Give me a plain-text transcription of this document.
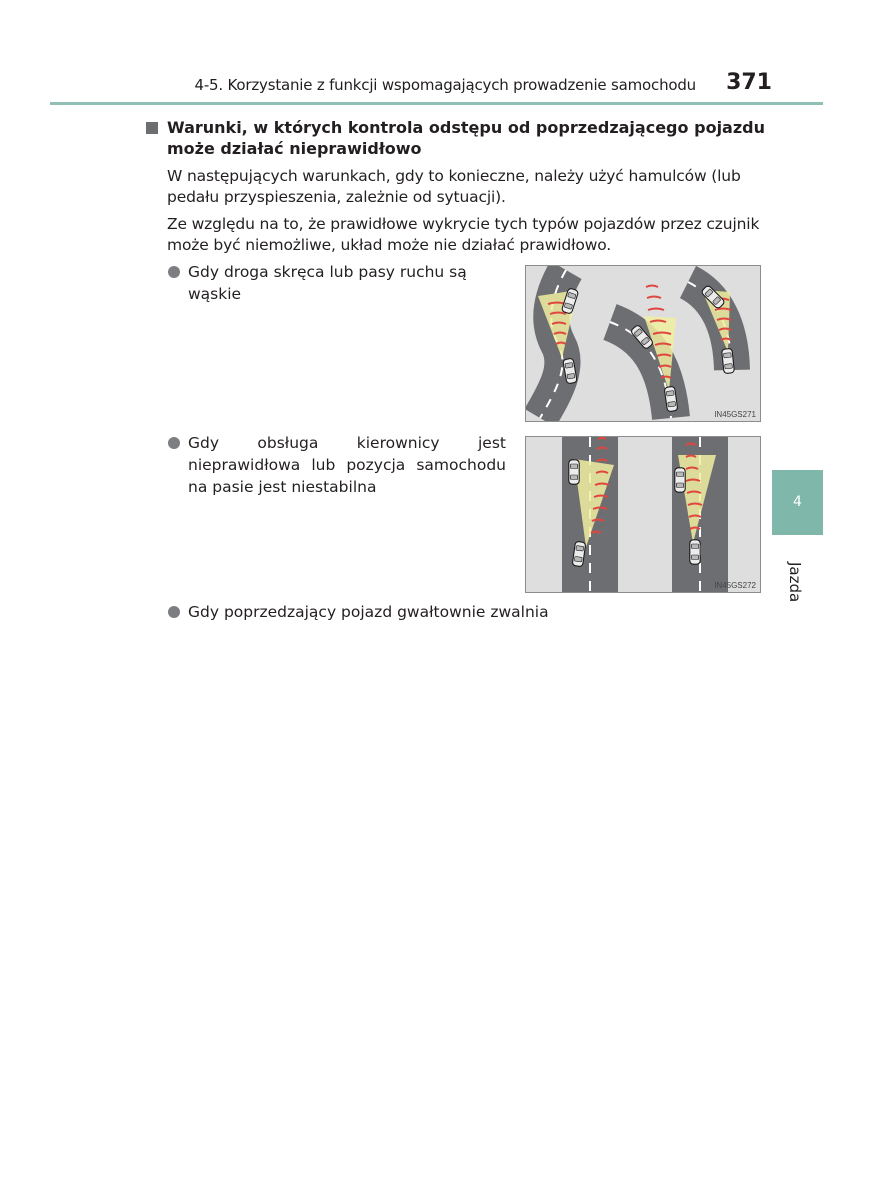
4-5. Korzystanie z funkcji wspomagających prowadzenie samochodu	371
Warunki, w których kontrola odstępu od poprzedzającego pojazdu może działać nieprawidłowo
W następujących warunkach, gdy to konieczne, należy użyć hamulców (lub pedału przyspieszenia, zależnie od sytuacji).
Ze względu na to, że prawidłowe wykrycie tych typów pojazdów przez czujnik może być niemożliwe, układ może nie działać prawidłowo.
Gdy droga skręca lub pasy ruchu są wąskie
IN45GS271
Gdy obsługa kierownicy jest nieprawidłowa lub pozycja samochodu na pasie jest niestabilna
IN45GS272
Gdy poprzedzający pojazd gwałtownie zwalnia
4
Jazda
